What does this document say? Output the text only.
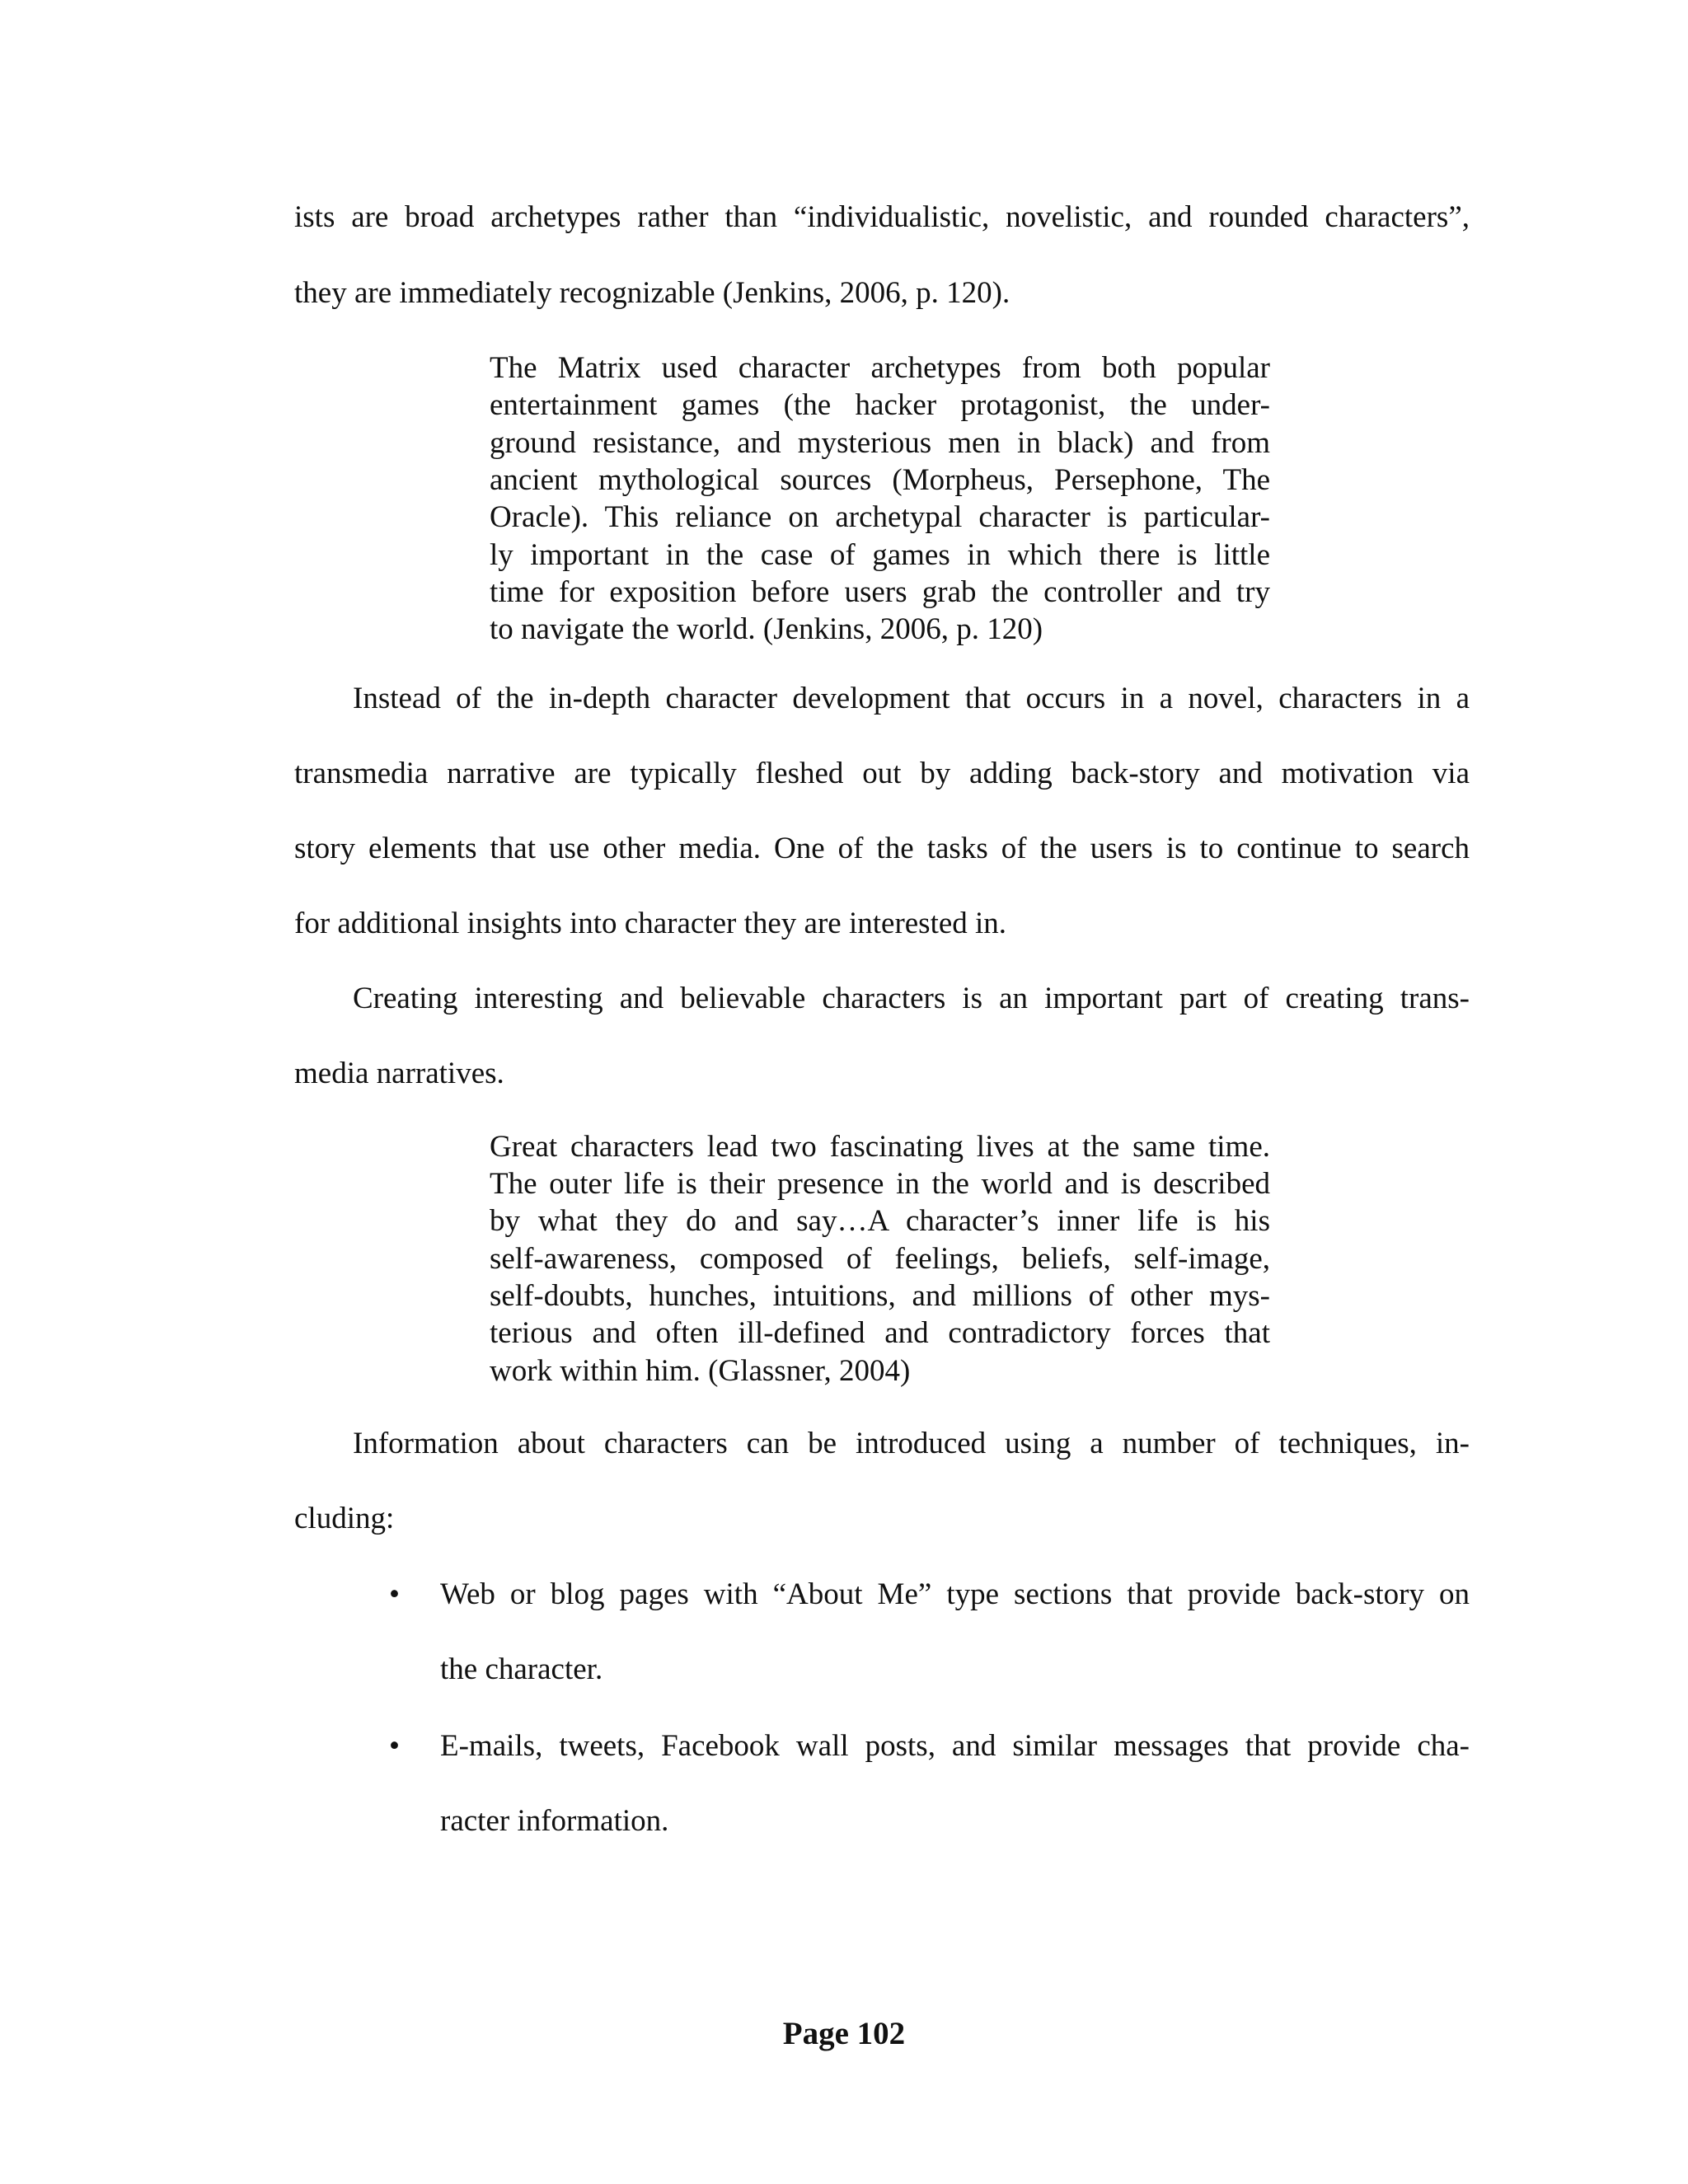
ists are broad archetypes rather than “individualistic, novelistic, and rounded characters”,
they are immediately recognizable (Jenkins, 2006, p. 120).
The Matrix used character archetypes from both popular
entertainment games (the hacker protagonist, the under-
ground resistance, and mysterious men in black) and from
ancient mythological sources (Morpheus, Persephone, The
Oracle). This reliance on archetypal character is particular-
ly important in the case of games in which there is little
time for exposition before users grab the controller and try
to navigate the world. (Jenkins, 2006, p. 120)
Instead of the in-depth character development that occurs in a novel, characters in a
transmedia narrative are typically fleshed out by adding back-story and motivation via
story elements that use other media. One of the tasks of the users is to continue to search
for additional insights into character they are interested in.
Creating interesting and believable characters is an important part of creating trans-
media narratives.
Great characters lead two fascinating lives at the same time.
The outer life is their presence in the world and is described
by what they do and say…A character’s inner life is his
self-awareness, composed of feelings, beliefs, self-image,
self-doubts, hunches, intuitions, and millions of other mys-
terious and often ill-defined and contradictory forces that
work within him. (Glassner, 2004)
Information about characters can be introduced using a number of techniques, in-
cluding:
• Web or blog pages with “About Me” type sections that provide back-story on
the character.
• E-mails, tweets, Facebook wall posts, and similar messages that provide cha-
racter information.
Page 102
